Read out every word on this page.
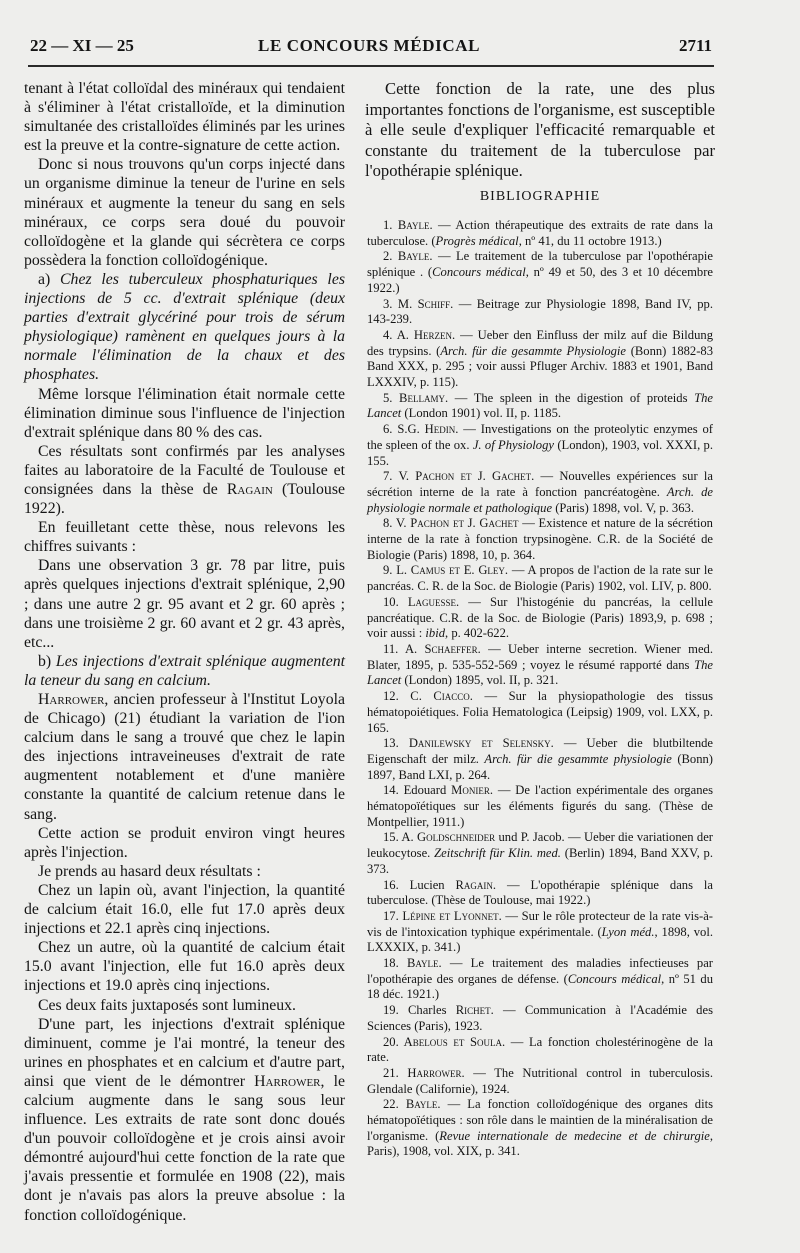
22 — XI — 25	LE CONCOURS MÉDICAL	2711

tenant à l'état colloïdal des minéraux qui tendaient à s'éliminer à l'état cristalloïde, et la diminution simultanée des cristalloïdes éliminés par les urines est la preuve et la contre-signature de cette action.

Donc si nous trouvons qu'un corps injecté dans un organisme diminue la teneur de l'urine en sels minéraux et augmente la teneur du sang en sels minéraux, ce corps sera doué du pouvoir colloïdogène et la glande qui sécrètera ce corps possèdera la fonction colloïdogénique.

a) Chez les tuberculeux phosphaturiques les injections de 5 cc. d'extrait splénique (deux parties d'extrait glycériné pour trois de sérum physiologique) ramènent en quelques jours à la normale l'élimination de la chaux et des phosphates.

Même lorsque l'élimination était normale cette élimination diminue sous l'influence de l'injection d'extrait splénique dans 80 % des cas.

Ces résultats sont confirmés par les analyses faites au laboratoire de la Faculté de Toulouse et consignées dans la thèse de Ragain (Toulouse 1922).

En feuilletant cette thèse, nous relevons les chiffres suivants :

Dans une observation 3 gr. 78 par litre, puis après quelques injections d'extrait splénique, 2,90 ; dans une autre 2 gr. 95 avant et 2 gr. 60 après ; dans une troisième 2 gr. 60 avant et 2 gr. 43 après, etc...

b) Les injections d'extrait splénique augmentent la teneur du sang en calcium.

Harrower, ancien professeur à l'Institut Loyola de Chicago) (21) étudiant la variation de l'ion calcium dans le sang a trouvé que chez le lapin des injections intraveineuses d'extrait de rate augmentent notablement et d'une manière constante la quantité de calcium retenue dans le sang.

Cette action se produit environ vingt heures après l'injection.

Je prends au hasard deux résultats :

Chez un lapin où, avant l'injection, la quantité de calcium était 16.0, elle fut 17.0 après deux injections et 22.1 après cinq injections.

Chez un autre, où la quantité de calcium était 15.0 avant l'injection, elle fut 16.0 après deux injections et 19.0 après cinq injections.

Ces deux faits juxtaposés sont lumineux.

D'une part, les injections d'extrait splénique diminuent, comme je l'ai montré, la teneur des urines en phosphates et en calcium et d'autre part, ainsi que vient de le démontrer Harrower, le calcium augmente dans le sang sous leur influence. Les extraits de rate sont donc doués d'un pouvoir colloïdogène et je crois ainsi avoir démontré aujourd'hui cette fonction de la rate que j'avais pressentie et formulée en 1908 (22), mais dont je n'avais pas alors la preuve absolue : la fonction colloïdogénique.

Cette fonction de la rate, une des plus importantes fonctions de l'organisme, est susceptible à elle seule d'expliquer l'efficacité remarquable et constante du traitement de la tuberculose par l'opothérapie splénique.

BIBLIOGRAPHIE

1. Bayle. — Action thérapeutique des extraits de rate dans la tuberculose. (Progrès médical, nº 41, du 11 octobre 1913.)

2. Bayle. — Le traitement de la tuberculose par l'opothérapie splénique . (Concours médical, nº 49 et 50, des 3 et 10 décembre 1922.)

3. M. Schiff. — Beitrage zur Physiologie 1898, Band IV, pp. 143-239.

4. A. Herzen. — Ueber den Einfluss der milz auf die Bildung des trypsins. (Arch. für die gesammte Physiologie (Bonn) 1882-83 Band XXX, p. 295 ; voir aussi Pfluger Archiv. 1883 et 1901, Band LXXXIV, p. 115).

5. Bellamy. — The spleen in the digestion of proteids The Lancet (London 1901) vol. II, p. 1185.

6. S.G. Hedin. — Investigations on the proteolytic enzymes of the spleen of the ox. J. of Physiology (London), 1903, vol. XXXI, p. 155.

7. V. Pachon et J. Gachet. — Nouvelles expériences sur la sécrétion interne de la rate à fonction pancréatogène. Arch. de physiologie normale et pathologique (Paris) 1898, vol. V, p. 363.

8. V. Pachon et J. Gachet — Existence et nature de la sécrétion interne de la rate à fonction trypsinogène. C.R. de la Société de Biologie (Paris) 1898, 10, p. 364.

9. L. Camus et E. Gley. — A propos de l'action de la rate sur le pancréas. C. R. de la Soc. de Biologie (Paris) 1902, vol. LIV, p. 800.

10. Laguesse. — Sur l'histogénie du pancréas, la cellule pancréatique. C.R. de la Soc. de Biologie (Paris) 1893,9, p. 698 ; voir aussi : ibid, p. 402-622.

11. A. Schaeffer. — Ueber interne secretion. Wiener med. Blater, 1895, p. 535-552-569 ; voyez le résumé rapporté dans The Lancet (London) 1895, vol. II, p. 321.

12. C. Ciacco. — Sur la physiopathologie des tissus hématopoiétiques. Folia Hematologica (Leipsig) 1909, vol. LXX, p. 165.

13. Danilewsky et Selensky. — Ueber die blutbiltende Eigenschaft der milz. Arch. für die gesammte physiologie (Bonn) 1897, Band LXI, p. 264.

14. Edouard Monier. — De l'action expérimentale des organes hématopoïétiques sur les éléments figurés du sang. (Thèse de Montpellier, 1911.)

15. A. Goldschneider und P. Jacob. — Ueber die variationen der leukocytose. Zeitschrift für Klin. med. (Berlin) 1894, Band XXV, p. 373.

16. Lucien Ragain. — L'opothérapie splénique dans la tuberculose. (Thèse de Toulouse, mai 1922.)

17. Lépine et Lyonnet. — Sur le rôle protecteur de la rate vis-à-vis de l'intoxication typhique expérimentale. (Lyon méd., 1898, vol. LXXXIX, p. 341.)

18. Bayle. — Le traitement des maladies infectieuses par l'opothérapie des organes de défense. (Concours médical, nº 51 du 18 déc. 1921.)

19. Charles Richet. — Communication à l'Académie des Sciences (Paris), 1923.

20. Abelous et Soula. — La fonction cholestérinogène de la rate.

21. Harrower. — The Nutritional control in tuberculosis. Glendale (Californie), 1924.

22. Bayle. — La fonction colloïdogénique des organes dits hématopoïétiques : son rôle dans le maintien de la minéralisation de l'organisme. (Revue internationale de medecine et de chirurgie, Paris), 1908, vol. XIX, p. 341.
